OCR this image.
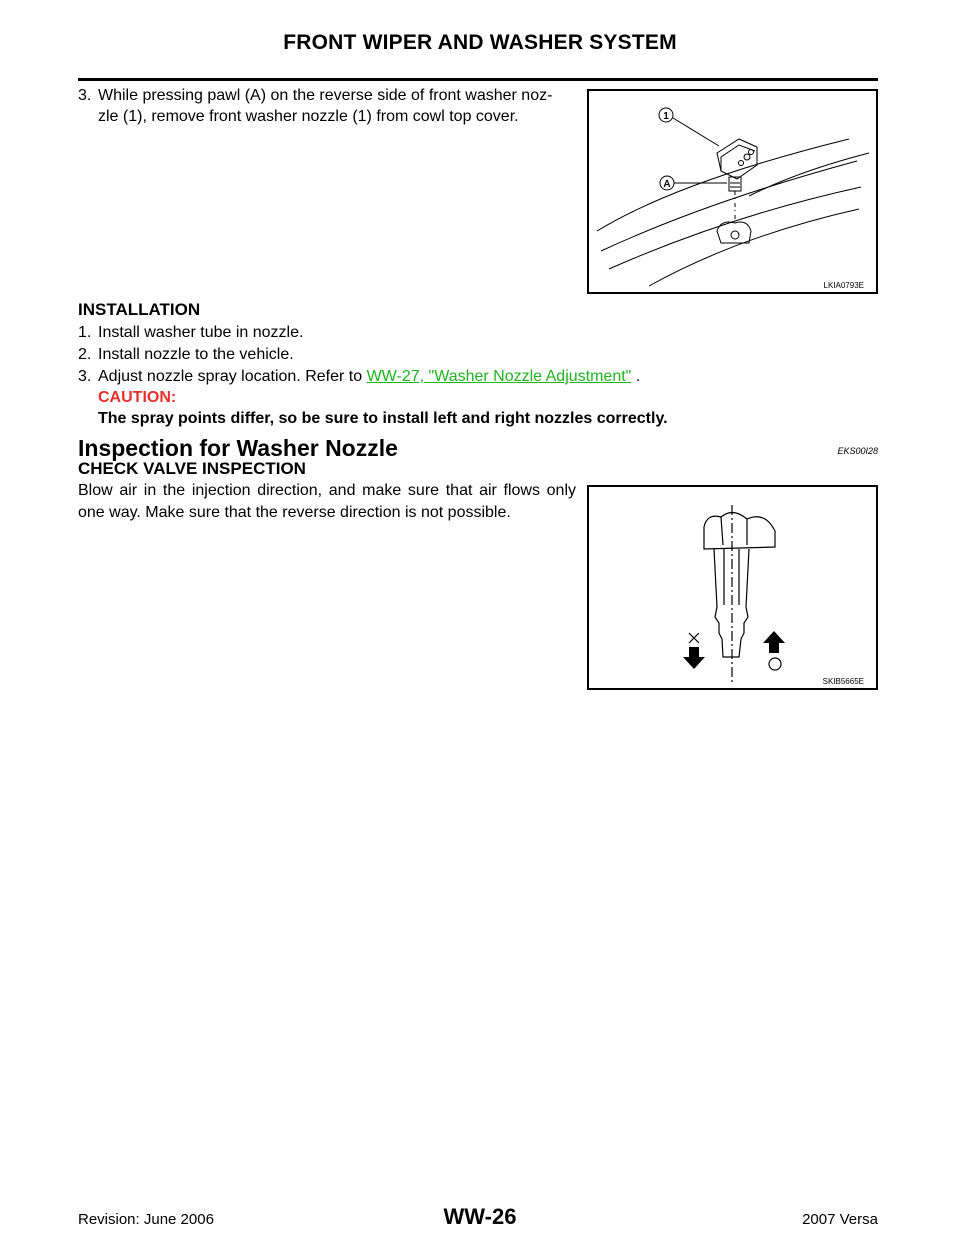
FRONT WIPER AND WASHER SYSTEM
3. While pressing pawl (A) on the reverse side of front washer noz-
zle (1), remove front washer nozzle (1) from cowl top cover.	1
A
LKIA0793E
INSTALLATION
1. Install washer tube in nozzle.
2. Install nozzle to the vehicle.
3. Adjust nozzle spray location. Refer to WW-27, "Washer Nozzle Adjustment" .
CAUTION:
The spray points differ, so be sure to install left and right nozzles correctly.
Inspection for Washer Nozzle	EKS00I28
CHECK VALVE INSPECTION
Blow air in the injection direction, and make sure that air flows only one way. Make sure that the reverse direction is not possible.
SKIB5665E
Revision: June 2006	WW-26	2007 Versa
